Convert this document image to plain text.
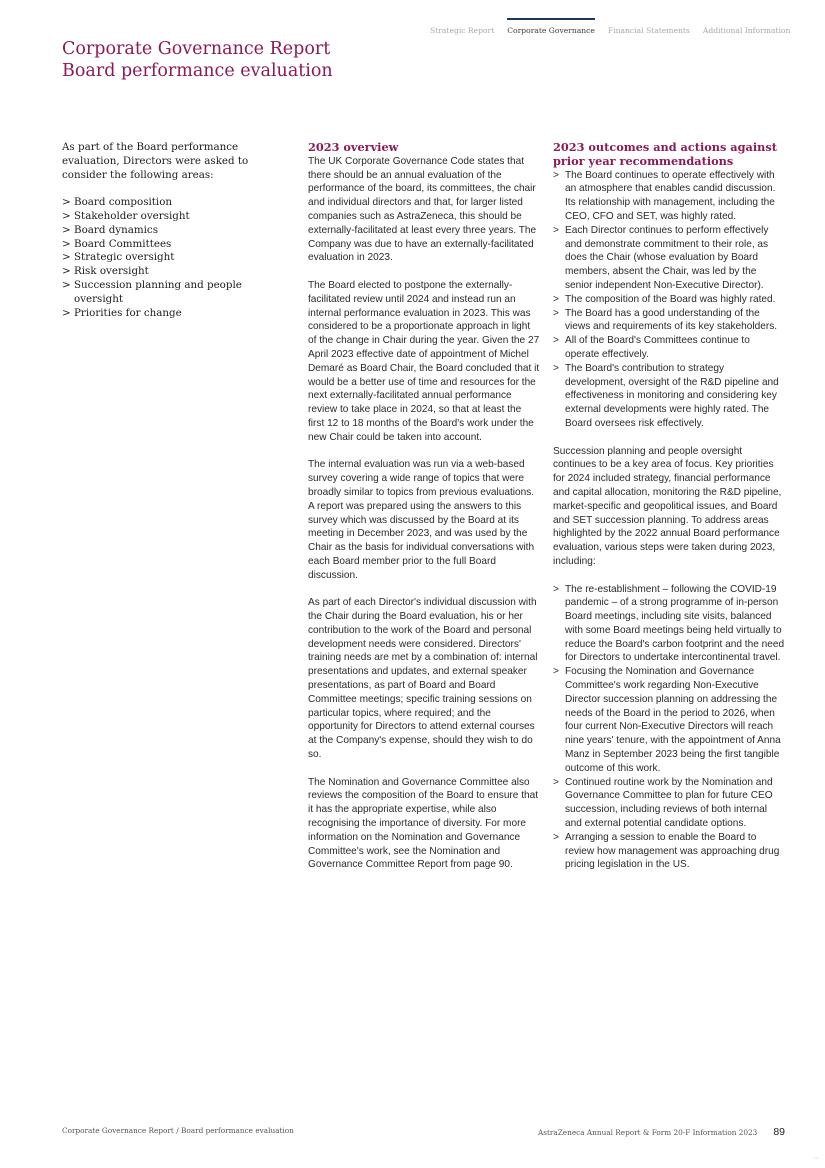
Strategic Report Corporate Governance Financial Statements Additional Information
Corporate Governance Report
Board performance evaluation

As part of the Board performance evaluation, Directors were asked to consider the following areas:

> Board composition
> Stakeholder oversight
> Board dynamics
> Board Committees
> Strategic oversight
> Risk oversight
> Succession planning and people oversight
> Priorities for change
2023 overview

The UK Corporate Governance Code states that there should be an annual evaluation of the performance of the board, its committees, the chair and individual directors and that, for larger listed companies such as AstraZeneca, this should be externally-facilitated at least every three years. The Company was due to have an externally-facilitated evaluation in 2023.

The Board elected to postpone the externally-facilitated review until 2024 and instead run an internal performance evaluation in 2023. This was considered to be a proportionate approach in light of the change in Chair during the year. Given the 27 April 2023 effective date of appointment of Michel Demaré as Board Chair, the Board concluded that it would be a better use of time and resources for the next externally-facilitated annual performance review to take place in 2024, so that at least the first 12 to 18 months of the Board's work under the new Chair could be taken into account.

The internal evaluation was run via a web-based survey covering a wide range of topics that were broadly similar to topics from previous evaluations. A report was prepared using the answers to this survey which was discussed by the Board at its meeting in December 2023, and was used by the Chair as the basis for individual conversations with each Board member prior to the full Board discussion.

As part of each Director's individual discussion with the Chair during the Board evaluation, his or her contribution to the work of the Board and personal development needs were considered. Directors' training needs are met by a combination of: internal presentations and updates, and external speaker presentations, as part of Board and Board Committee meetings; specific training sessions on particular topics, where required; and the opportunity for Directors to attend external courses at the Company's expense, should they wish to do so.

The Nomination and Governance Committee also reviews the composition of the Board to ensure that it has the appropriate expertise, while also recognising the importance of diversity. For more information on the Nomination and Governance Committee's work, see the Nomination and Governance Committee Report from page 90.

2023 outcomes and actions against prior year recommendations
> The Board continues to operate effectively with an atmosphere that enables candid discussion. Its relationship with management, including the CEO, CFO and SET, was highly rated.
> Each Director continues to perform effectively and demonstrate commitment to their role, as does the Chair (whose evaluation by Board members, absent the Chair, was led by the senior independent Non-Executive Director).
> The composition of the Board was highly rated.
> The Board has a good understanding of the views and requirements of its key stakeholders.
> All of the Board's Committees continue to operate effectively.
> The Board's contribution to strategy development, oversight of the R&D pipeline and effectiveness in monitoring and considering key external developments were highly rated. The Board oversees risk effectively.

Succession planning and people oversight continues to be a key area of focus. Key priorities for 2024 included strategy, financial performance and capital allocation, monitoring the R&D pipeline, market-specific and geopolitical issues, and Board and SET succession planning. To address areas highlighted by the 2022 annual Board performance evaluation, various steps were taken during 2023, including:

> The re-establishment – following the COVID-19 pandemic – of a strong programme of in-person Board meetings, including site visits, balanced with some Board meetings being held virtually to reduce the Board's carbon footprint and the need for Directors to undertake intercontinental travel.
> Focusing the Nomination and Governance Committee's work regarding Non-Executive Director succession planning on addressing the needs of the Board in the period to 2026, when four current Non-Executive Directors will reach nine years' tenure, with the appointment of Anna Manz in September 2023 being the first tangible outcome of this work.
> Continued routine work by the Nomination and Governance Committee to plan for future CEO succession, including reviews of both internal and external potential candidate options.
> Arranging a session to enable the Board to review how management was approaching drug pricing legislation in the US.
Corporate Governance Report / Board performance evaluation	AstraZeneca Annual Report & Form 20-F Information 2023 89
⋯
